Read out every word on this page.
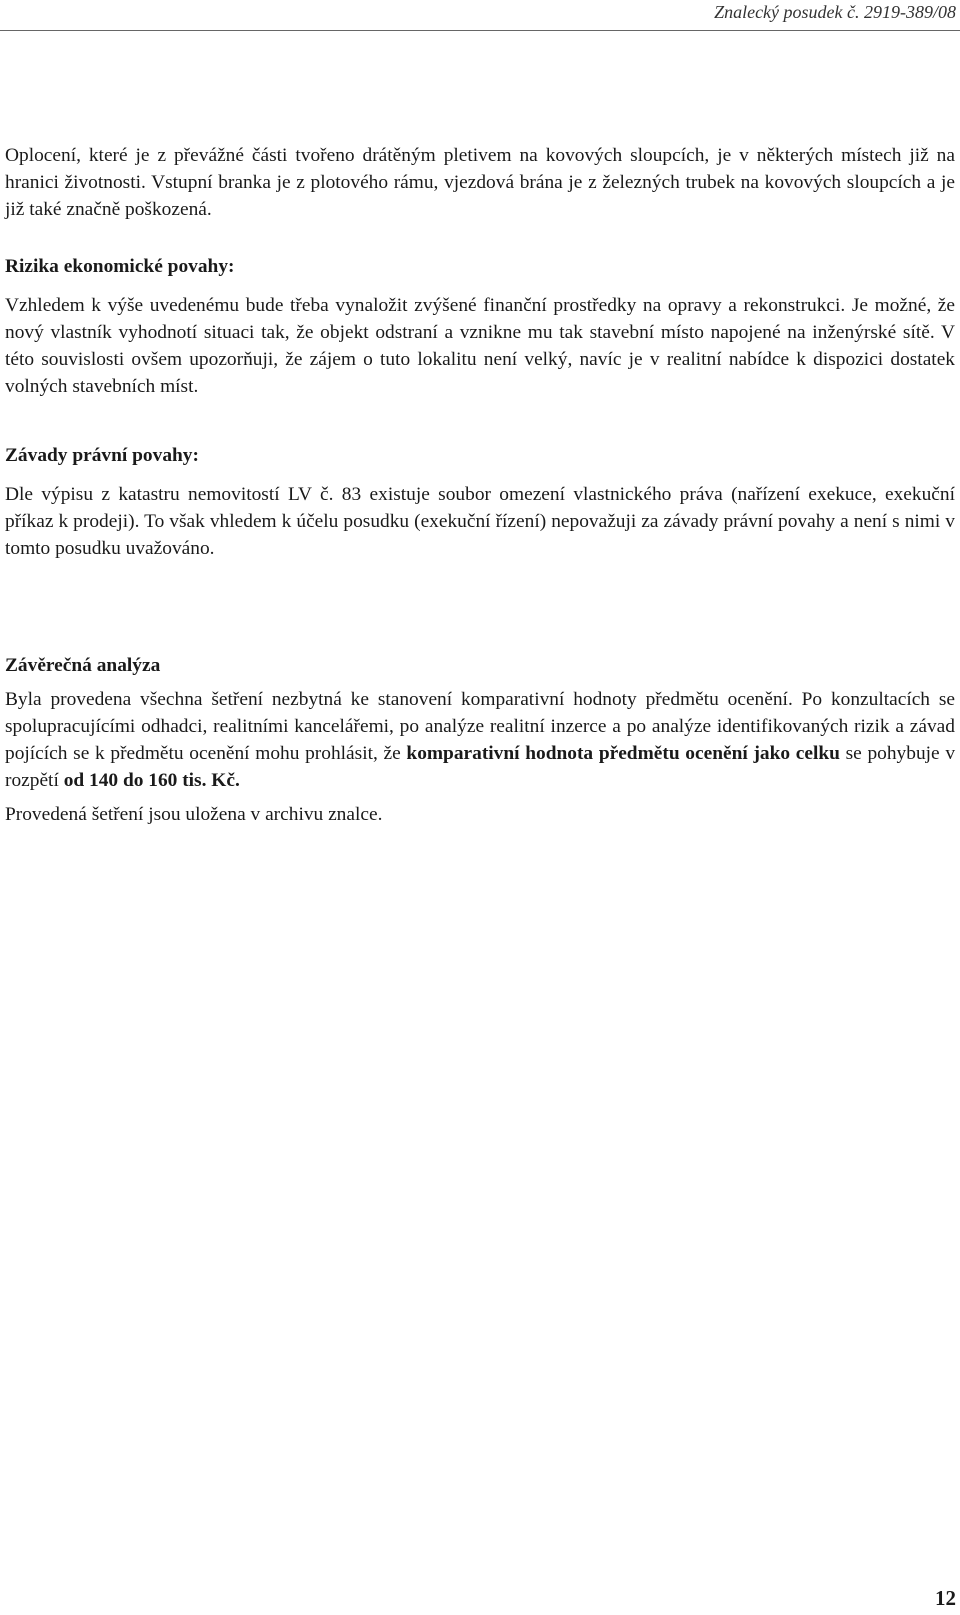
Znalecký posudek č. 2919-389/08

Oplocení, které je z převážné části tvořeno drátěným pletivem na kovových sloupcích, je v některých místech již na hranici životnosti. Vstupní branka je z plotového rámu, vjezdová brána je z železných trubek na kovových sloupcích a je již také značně poškozená.

Rizika ekonomické povahy:

Vzhledem k výše uvedenému bude třeba vynaložit zvýšené finanční prostředky na opravy a rekonstrukci. Je možné, že nový vlastník vyhodnotí situaci tak, že objekt odstraní a vznikne mu tak stavební místo napojené na inženýrské sítě. V této souvislosti ovšem upozorňuji, že zájem o tuto lokalitu není velký, navíc je v realitní nabídce k dispozici dostatek volných stavebních míst.

Závady právní povahy:

Dle výpisu z katastru nemovitostí LV č. 83 existuje soubor omezení vlastnického práva (nařízení exekuce, exekuční příkaz k prodeji). To však vhledem k účelu posudku (exekuční řízení) nepovažuji za závady právní povahy a není s nimi v tomto posudku uvažováno.

Závěrečná analýza

Byla provedena všechna šetření nezbytná ke stanovení komparativní hodnoty předmětu ocenění. Po konzultacích se spolupracujícími odhadci, realitními kancelářemi, po analýze realitní inzerce a po analýze identifikovaných rizik a závad pojících se k předmětu ocenění mohu prohlásit, že komparativní hodnota předmětu ocenění jako celku se pohybuje v rozpětí od 140 do 160 tis. Kč.

Provedená šetření jsou uložena v archivu znalce.

12
